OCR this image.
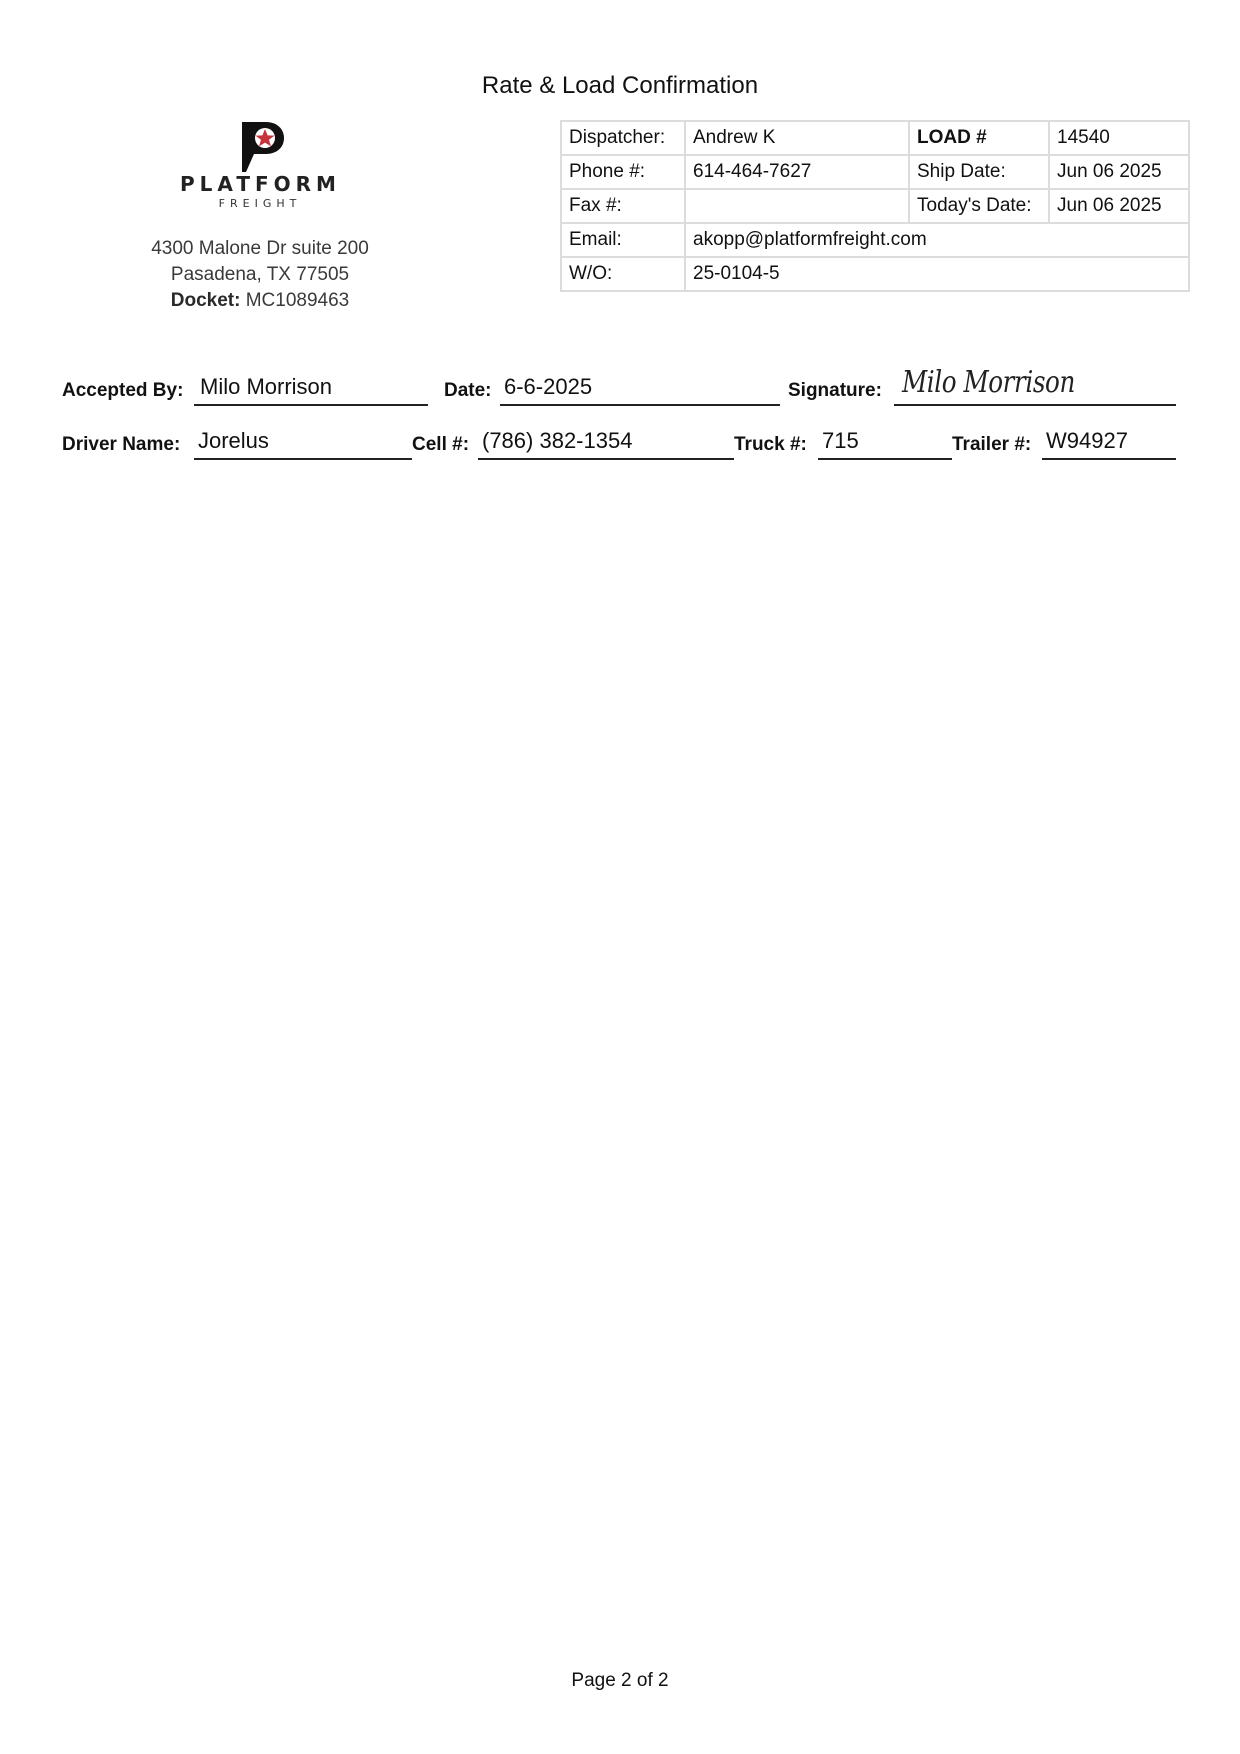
Rate & Load Confirmation
PLATFORM
FREIGHT
4300 Malone Dr suite 200
Pasadena, TX 77505
Docket: MC1089463
Dispatcher:	Andrew K	LOAD #	14540
Phone #:	614-464-7627	Ship Date:	Jun 06 2025
Fax #:		Today's Date:	Jun 06 2025
Email:	akopp@platformfreight.com		
W/O:	25-0104-5		
Accepted By: Milo Morrison	Date: 6-6-2025	Signature: Milo Morrison
Driver Name: Jorelus	Cell #: (786) 382-1354	Truck #: 715	Trailer #: W94927
Page 2 of 2
